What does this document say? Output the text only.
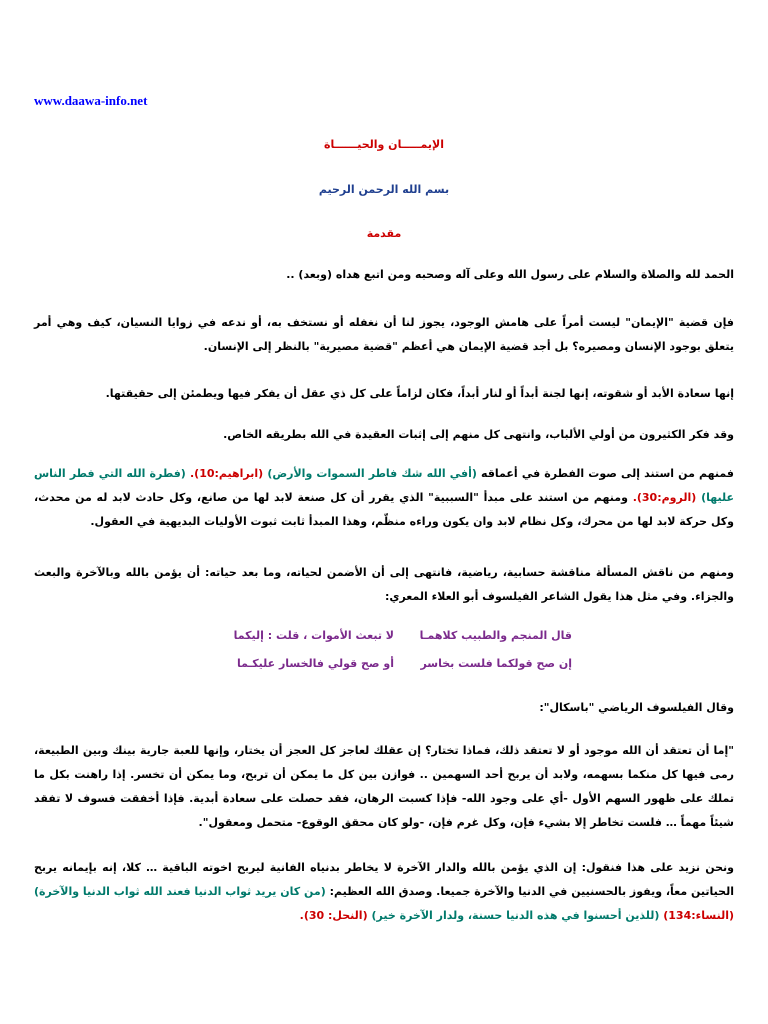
www.daawa-info.net
الإيمـــــان والحيــــــاة
بسم الله الرحمن الرحيم
مقدمة
الحمد لله والصلاة والسلام على رسول الله وعلى آله وصحبه ومن اتبع هداه (وبعد) ..
فإن قضية "الإيمان" ليست أمراً على هامش الوجود، يجوز لنا أن نغفله أو نستخف به، أو ندعه في زوايا النسيان، كيف وهي أمر يتعلق بوجود الإنسان ومصيره؟ بل أجد قضية الإيمان هي أعظم "قضية مصيرية" بالنظر إلى الإنسان.
إنها سعادة الأبد أو شقوته، إنها لجنة أبداً أو لنار أبداً، فكان لزاماً على كل ذي عقل أن يفكر فيها ويطمئن إلى حقيقتها.
وقد فكر الكثيرون من أولي الألباب، وانتهى كل منهم إلى إثبات العقيدة في الله بطريقه الخاص.
فمنهم من استند إلى صوت الفطرة في أعماقه (أفي الله شك فاطر السموات والأرض) (ابراهيم:10). (فطرة الله التي فطر الناس عليها) (الروم:30). ومنهم من استند على مبدأ "السببية" الذي يقرر أن كل صنعة لابد لها من صانع، وكل حادث لابد له من محدث، وكل حركة لابد لها من محرك، وكل نظام لابد وان يكون وراءه منظّم، وهذا المبدأ ثابت ثبوت الأوليات البديهية في العقول.
ومنهم من ناقش المسألة مناقشة حسابية، رياضية، فانتهى إلى أن الأضمن لحياته، وما بعد حياته: أن يؤمن بالله وبالآخرة والبعث والجزاء. وفي مثل هذا يقول الشاعر الفيلسوف أبو العلاء المعري:
قال المنجم والطبيب كلاهمـا
لا تبعث الأموات ، قلت : إليكما
إن صح قولكما فلست بخاسر
أو صح قولي فالخسار عليكـما
وقال الفيلسوف الرياضي "باسكال":
"إما أن تعتقد أن الله موجود أو لا تعتقد ذلك، فماذا تختار؟ إن عقلك لعاجز كل العجز أن يختار، وإنها للعبة جارية بينك وبين الطبيعة، رمى فيها كل منكما بسهمه، ولابد أن يربح أحد السهمين .. فوازن بين كل ما يمكن أن تربح، وما يمكن أن تخسر. إذا راهنت بكل ما تملك على ظهور السهم الأول -أي على وجود الله- فإذا كسبت الرهان، فقد حصلت على سعادة أبدية. فإذا أخفقت فسوف لا تفقد شيئاً مهماً … فلست تخاطر إلا بشيء فإن، وكل غرم فإن، -ولو كان محقق الوقوع- متحمل ومعقول".
ونحن نزيد على هذا فنقول: إن الذي يؤمن بالله والدار الآخرة لا يخاطر بدنياه الفانية ليربح اخوته الباقية … كلا، إنه بإيمانه يربح الحياتين معاً، ويفوز بالحسنيين في الدنيا والآخرة جميعا. وصدق الله العظيم: (من كان يريد ثواب الدنيا فعند الله ثواب الدنيا والآخرة) (النساء:134) (للذين أحسنوا في هذه الدنيا حسنة، ولدار الآخرة خير) (النحل: 30).
